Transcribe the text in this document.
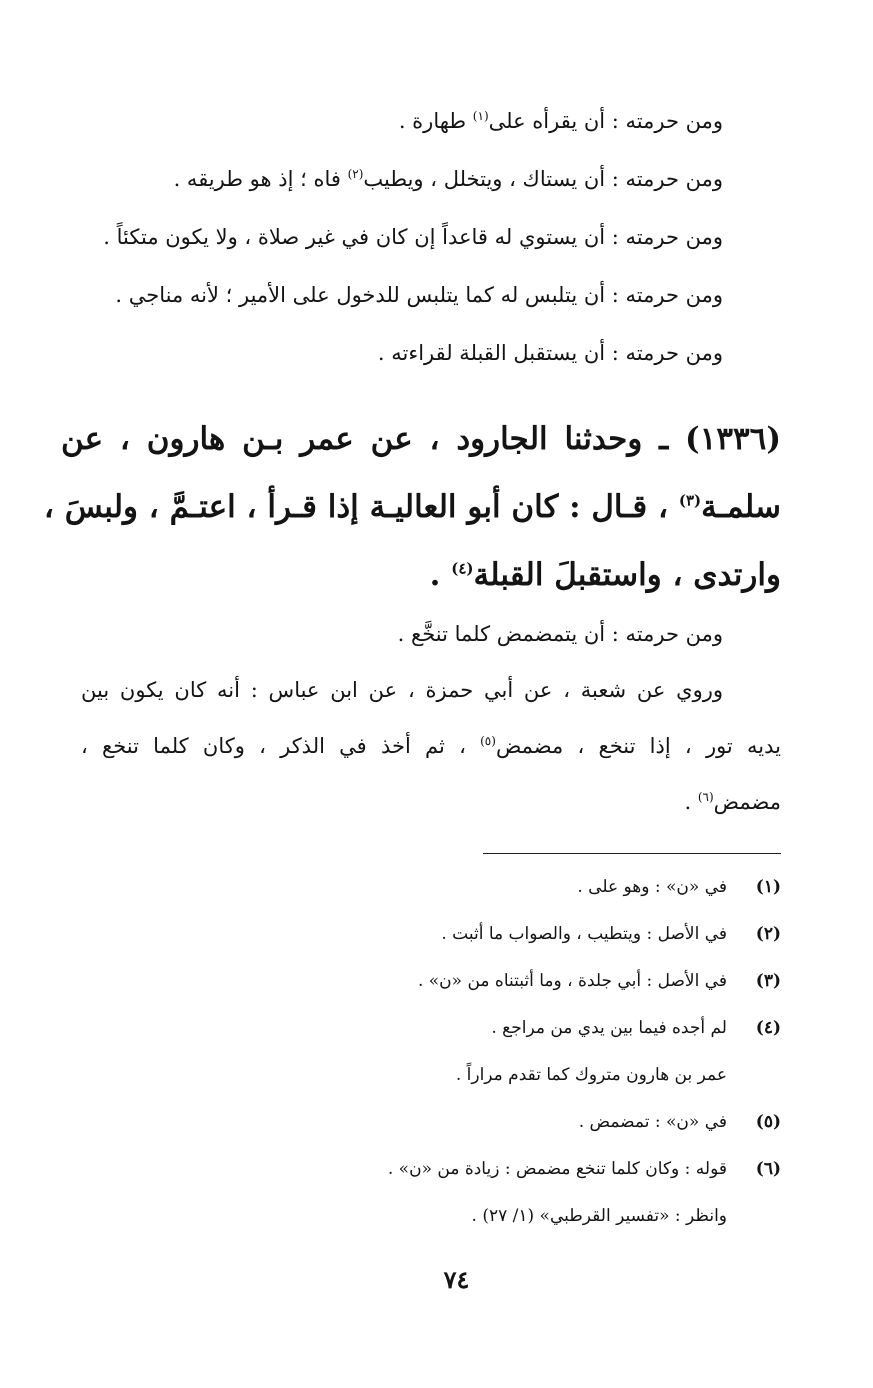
ومن حرمته : أن يقرأه على$^{(١)}$ طهارة .
ومن حرمته : أن يستاك ، ويتخلل ، ويطيب$^{(٢)}$ فاه ؛ إذ هو طريقه .
ومن حرمته : أن يستوي له قاعداً إن كان في غير صلاة ، ولا يكون متكئاً .
ومن حرمته : أن يتلبس له كما يتلبس للدخول على الأمير ؛ لأنه مناجي .
ومن حرمته : أن يستقبل القبلة لقراءته .
(١٣٣٦) ـ وحدثنا الجارود ، عن عمر بـن هارون ، عن
سلمـة$^{(٣)}$ ، قـال : كان أبو العاليـة إذا قـرأ ، اعتـمَّ ، ولبسَ ،
وارتدى ، واستقبلَ القبلة$^{(٤)}$ .
ومن حرمته : أن يتمضمض كلما تنخَّع .
وروي عن شعبة ، عن أبي حمزة ، عن ابن عباس : أنه كان يكون بين
يديه تور ، إذا تنخع ، مضمض$^{(٥)}$ ، ثم أخذ في الذكر ، وكان كلما تنخع ،
مضمض$^{(٦)}$ .
(١)
في «ن» : وهو على .
(٢)
في الأصل : ويتطيب ، والصواب ما أثبت .
(٣)
في الأصل : أبي جلدة ، وما أثبتناه من «ن» .
(٤)
لم أجده فيما بين يدي من مراجع .
عمر بن هارون متروك كما تقدم مراراً .
(٥)
في «ن» : تمضمض .
(٦)
قوله : وكان كلما تنخع مضمض : زيادة من «ن» .
وانظر : «تفسير القرطبي» (١/ ٢٧) .
٧٤
